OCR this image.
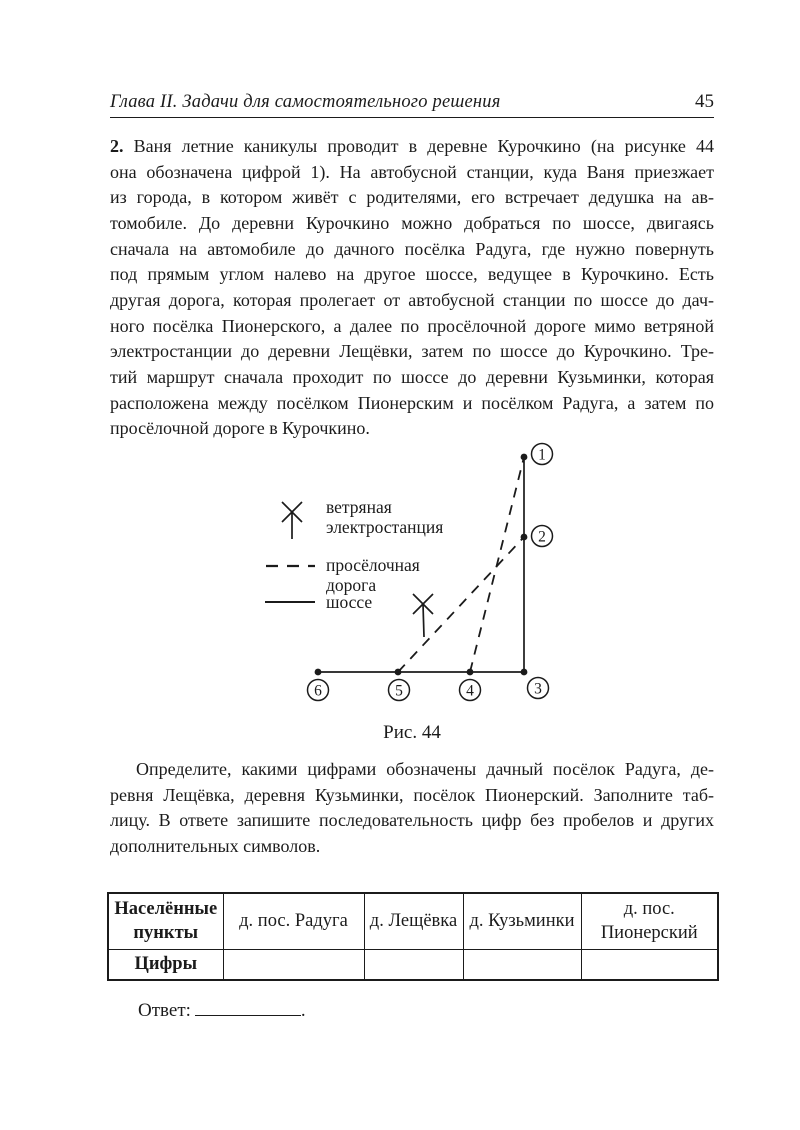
Глава II. Задачи для самостоятельного решения	45
2. Ваня летние каникулы проводит в деревне Курочкино (на рисунке 44
она обозначена цифрой 1). На автобусной станции, куда Ваня приезжает
из города, в котором живёт с родителями, его встречает дедушка на ав-
томобиле. До деревни Курочкино можно добраться по шоссе, двигаясь
сначала на автомобиле до дачного посёлка Радуга, где нужно повернуть
под прямым углом налево на другое шоссе, ведущее в Курочкино. Есть
другая дорога, которая пролегает от автобусной станции по шоссе до дач-
ного посёлка Пионерского, а далее по просёлочной дороге мимо ветряной
электростанции до деревни Лещёвки, затем по шоссе до Курочкино. Тре-
тий маршрут сначала проходит по шоссе до деревни Кузьминки, которая
расположена между посёлком Пионерским и посёлком Радуга, а затем по
просёлочной дороге в Курочкино.
ветряная
электростанция
просёлочная
дорога
шоссе
1
2
3
4
5
6
Рис. 44
Определите, какими цифрами обозначены дачный посёлок Радуга, де-
ревня Лещёвка, деревня Кузьминки, посёлок Пионерский. Заполните таб-
лицу. В ответе запишите последовательность цифр без пробелов и других
дополнительных символов.
Населённые пункты	д. пос. Радуга	д. Лещёвка	д. Кузьминки	д. пос. Пионерский
Цифры				
Ответ:	.
